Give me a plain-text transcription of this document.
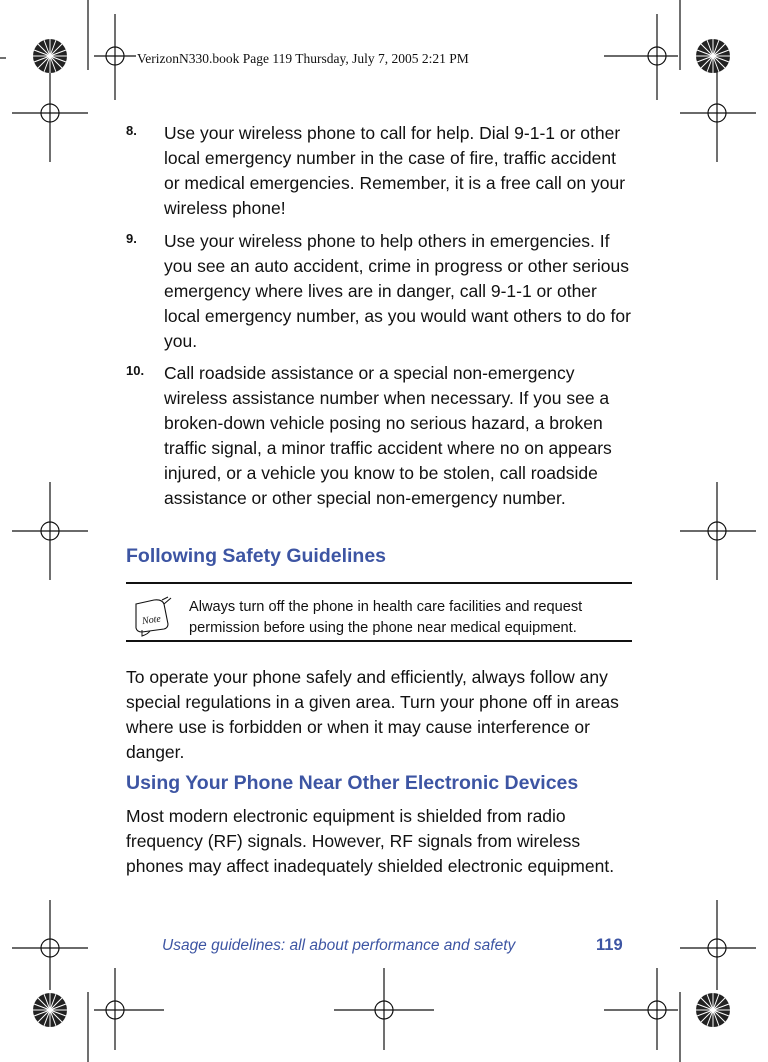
VerizonN330.book Page 119 Thursday, July 7, 2005 2:21 PM
8. Use your wireless phone to call for help. Dial 9-1-1 or other local emergency number in the case of fire, traffic accident or medical emergencies. Remember, it is a free call on your wireless phone!
9. Use your wireless phone to help others in emergencies. If you see an auto accident, crime in progress or other serious emergency where lives are in danger, call 9-1-1 or other local emergency number, as you would want others to do for you.
10. Call roadside assistance or a special non-emergency wireless assistance number when necessary. If you see a broken-down vehicle posing no serious hazard, a broken traffic signal, a minor traffic accident where no on appears injured, or a vehicle you know to be stolen, call roadside assistance or other special non-emergency number.
Following Safety Guidelines
Note
Always turn off the phone in health care facilities and request permission before using the phone near medical equipment.
To operate your phone safely and efficiently, always follow any special regulations in a given area. Turn your phone off in areas where use is forbidden or when it may cause interference or danger.
Using Your Phone Near Other Electronic Devices
Most modern electronic equipment is shielded from radio frequency (RF) signals. However, RF signals from wireless phones may affect inadequately shielded electronic equipment.
Usage guidelines: all about performance and safety	119
